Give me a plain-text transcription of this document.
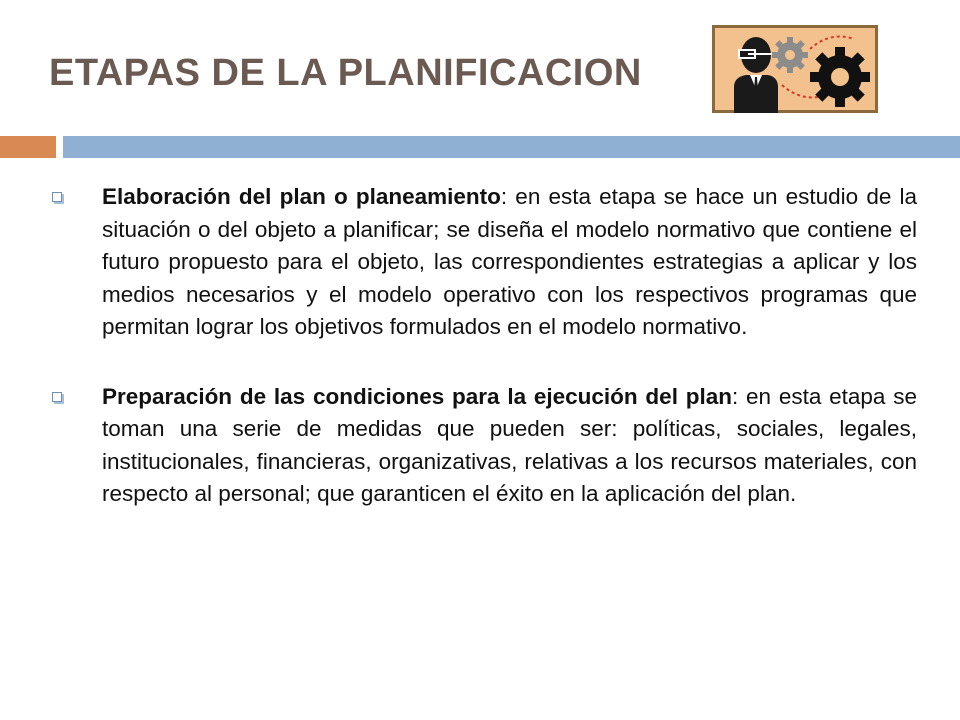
ETAPAS DE LA PLANIFICACION

Elaboración del plan o planeamiento: en esta etapa se hace un estudio de la situación o del objeto a planificar; se diseña el modelo normativo que contiene el futuro propuesto para el objeto, las correspondientes estrategias a aplicar y los medios necesarios y el modelo operativo con los respectivos programas que permitan lograr los objetivos formulados en el modelo normativo.

Preparación de las condiciones para la ejecución del plan: en esta etapa se toman una serie de medidas que pueden ser: políticas, sociales, legales, institucionales, financieras, organizativas, relativas a los recursos materiales, con respecto al personal; que garanticen el éxito en la aplicación del plan.
